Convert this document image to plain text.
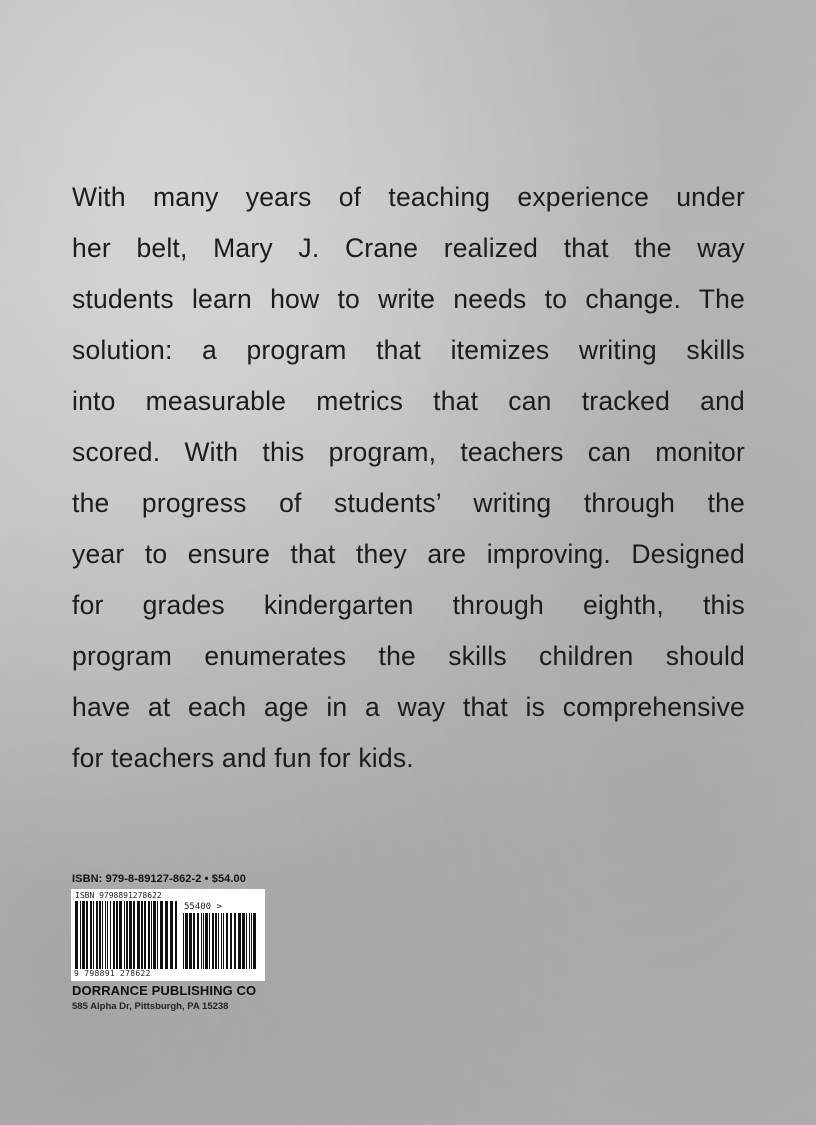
With many years of teaching experience under
her belt, Mary J. Crane realized that the way
students learn how to write needs to change. The
solution: a program that itemizes writing skills
into measurable metrics that can tracked and
scored. With this program, teachers can monitor
the progress of students’ writing through the
year to ensure that they are improving. Designed
for grades kindergarten through eighth, this
program enumerates the skills children should
have at each age in a way that is comprehensive
for teachers and fun for kids.
ISBN: 979-8-89127-862-2 • $54.00
ISBN 9798891278622
55400 >
9 798891 278622
DORRANCE PUBLISHING CO
585 Alpha Dr, Pittsburgh, PA 15238
